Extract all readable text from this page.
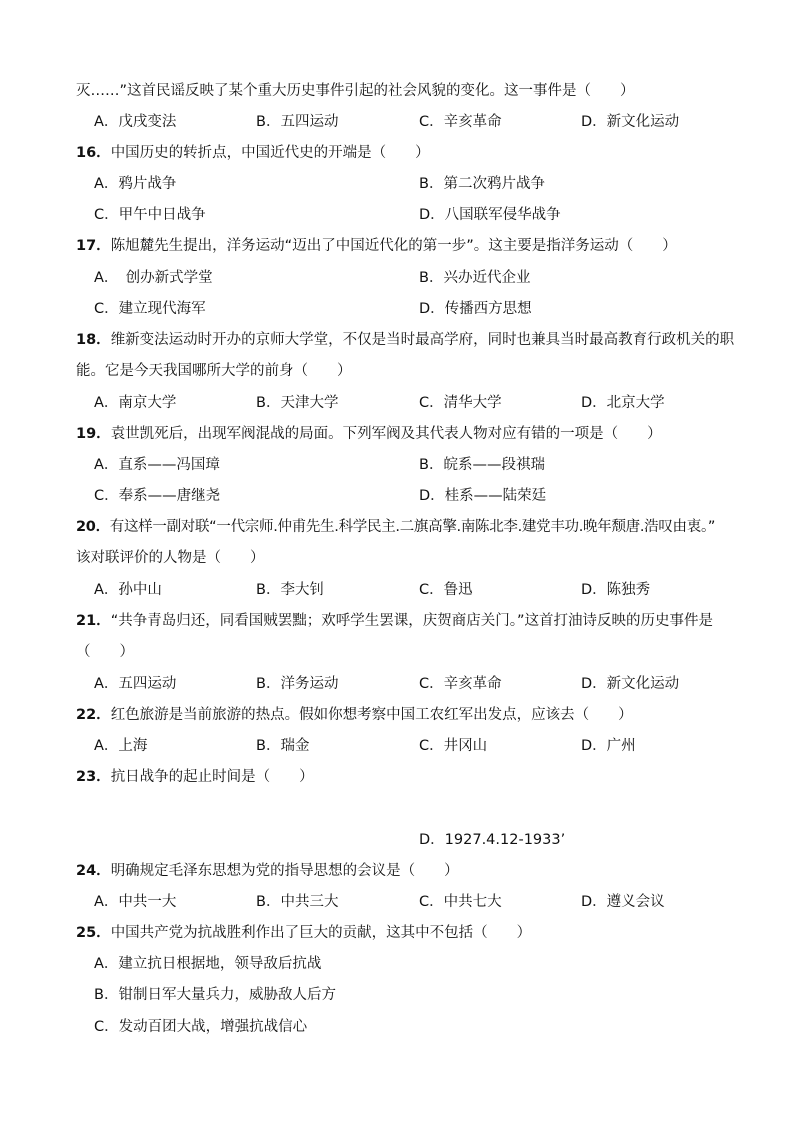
灭……”这首民谣反映了某个重大历史事件引起的社会风貌的变化。这一事件是（　　）
A．戊戌变法	B．五四运动	C．辛亥革命	D．新文化运动
16．中国历史的转折点，中国近代史的开端是（　　）
A．鸦片战争	B．第二次鸦片战争
C．甲午中日战争	D．八国联军侵华战争
17．陈旭麓先生提出，洋务运动“迈出了中国近代化的第一步”。这主要是指洋务运动（　　）
A．　创办新式学堂	B．兴办近代企业
C．建立现代海军	D．传播西方思想
18．维新变法运动时开办的京师大学堂，不仅是当时最高学府，同时也兼具当时最高教育行政机关的职
能。它是今天我国哪所大学的前身（　　）
A．南京大学	B．天津大学	C．清华大学	D．北京大学
19．袁世凯死后，出现军阀混战的局面。下列军阀及其代表人物对应有错的一项是（　　）
A．直系——冯国璋	B．皖系——段祺瑞
C．奉系——唐继尧	D．桂系——陆荣廷
20．有这样一副对联“一代宗师.仲甫先生.科学民主.二旗高擎.南陈北李.建党丰功.晚年颓唐.浩叹由衷。”
该对联评价的人物是（　　）
A．孙中山	B．李大钊	C．鲁迅	D．陈独秀
21．“共争青岛归还，同看国贼罢黜；欢呼学生罢课，庆贺商店关门。”这首打油诗反映的历史事件是
（　　）
A．五四运动	B．洋务运动	C．辛亥革命	D．新文化运动
22．红色旅游是当前旅游的热点。假如你想考察中国工农红军出发点，应该去（　　）
A．上海	B．瑞金	C．井冈山	D．广州
23．抗日战争的起止时间是（　　）
D．1927.4.12-1933’
24．明确规定毛泽东思想为党的指导思想的会议是（　　）
A．中共一大	B．中共三大	C．中共七大	D．遵义会议
25．中国共产党为抗战胜利作出了巨大的贡献，这其中不包括（　　）
A．建立抗日根据地，领导敌后抗战
B．钳制日军大量兵力，威胁敌人后方
C．发动百团大战，增强抗战信心
